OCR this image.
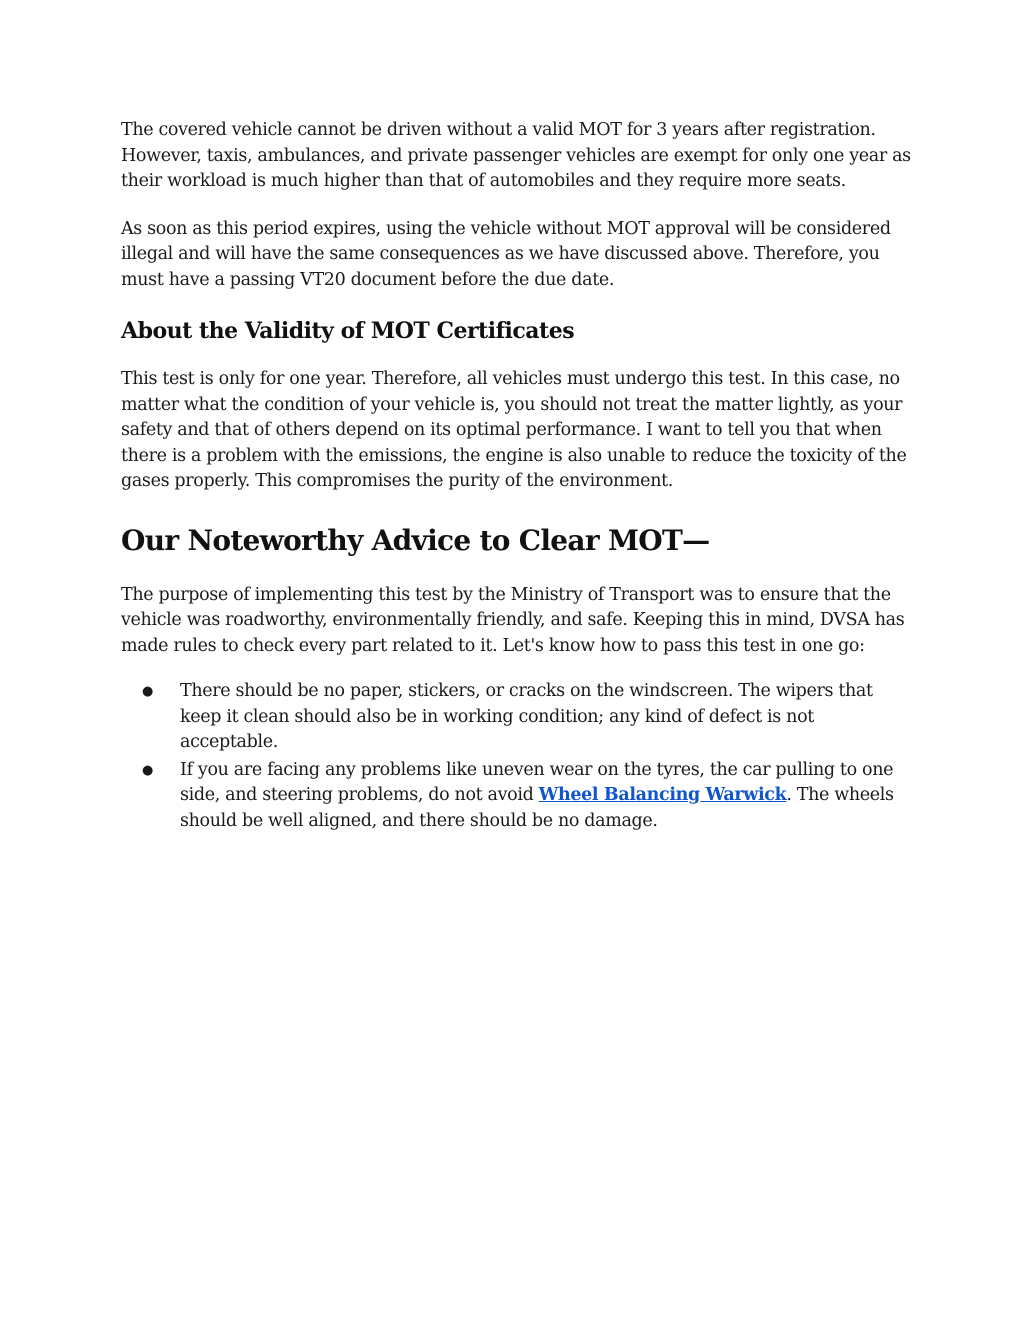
The covered vehicle cannot be driven without a valid MOT for 3 years after registration. However, taxis, ambulances, and private passenger vehicles are exempt for only one year as their workload is much higher than that of automobiles and they require more seats.

As soon as this period expires, using the vehicle without MOT approval will be considered illegal and will have the same consequences as we have discussed above. Therefore, you must have a passing VT20 document before the due date.

About the Validity of MOT Certificates

This test is only for one year. Therefore, all vehicles must undergo this test. In this case, no matter what the condition of your vehicle is, you should not treat the matter lightly, as your safety and that of others depend on its optimal performance. I want to tell you that when there is a problem with the emissions, the engine is also unable to reduce the toxicity of the gases properly. This compromises the purity of the environment.

Our Noteworthy Advice to Clear MOT—

The purpose of implementing this test by the Ministry of Transport was to ensure that the vehicle was roadworthy, environmentally friendly, and safe. Keeping this in mind, DVSA has made rules to check every part related to it. Let's know how to pass this test in one go:

● There should be no paper, stickers, or cracks on the windscreen. The wipers that keep it clean should also be in working condition; any kind of defect is not acceptable.
● If you are facing any problems like uneven wear on the tyres, the car pulling to one side, and steering problems, do not avoid Wheel Balancing Warwick. The wheels should be well aligned, and there should be no damage.
